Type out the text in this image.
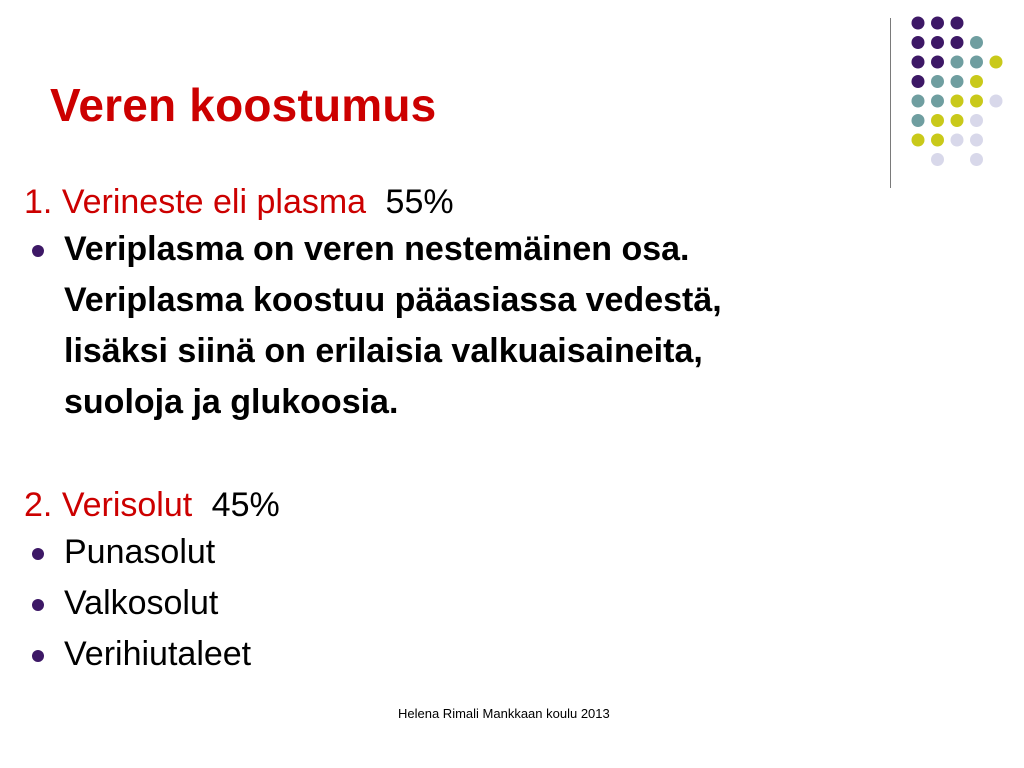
Veren koostumus
1. Verineste eli plasma 55%
Veriplasma on veren nestemäinen osa.
Veriplasma koostuu pääasiassa vedestä,
lisäksi siinä on erilaisia valkuaisaineita,
suoloja ja glukoosia.
2. Verisolut 45%
Punasolut
Valkosolut
Verihiutaleet
Helena Rimali Mankkaan koulu 2013
